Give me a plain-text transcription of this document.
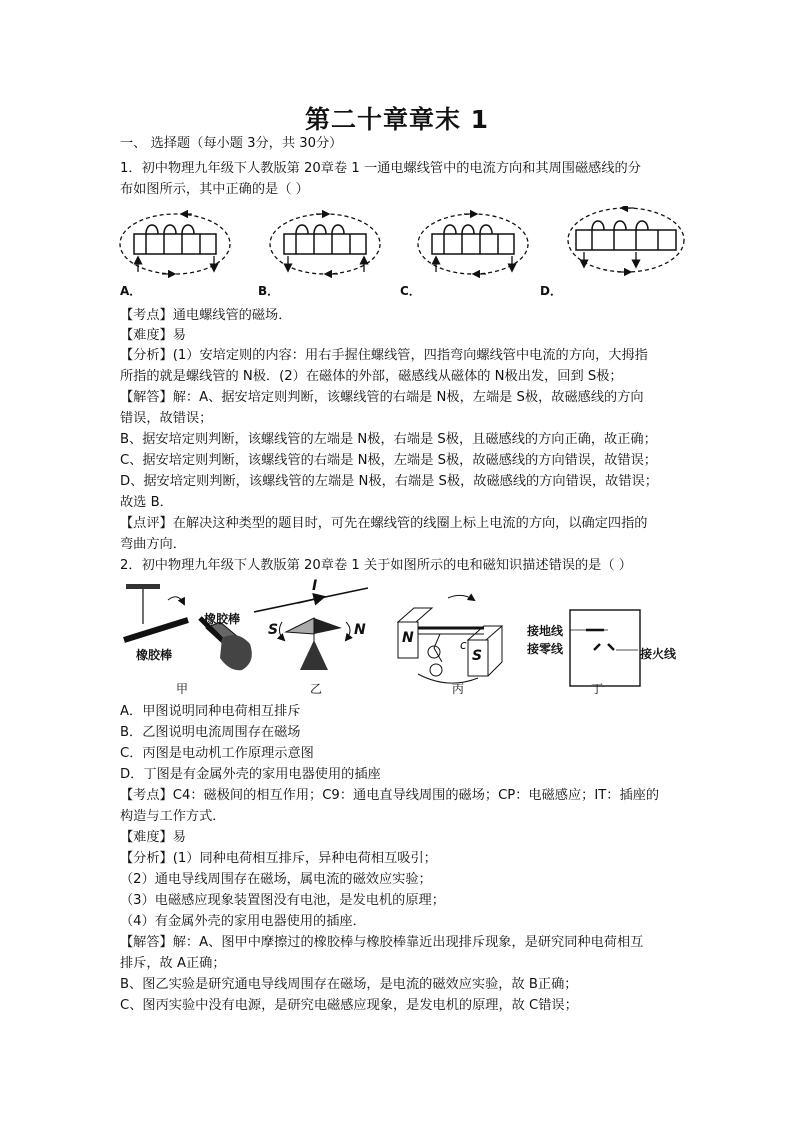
第二十章章末 1
一、 选择题（每小题 3分，共 30分）
1．初中物理九年级下人教版第 20章卷 1 一通电螺线管中的电流方向和其周围磁感线的分
布如图所示，其中正确的是（ ）
A．	B．	C．	D．
【考点】通电螺线管的磁场．
【难度】易
【分析】(1）安培定则的内容：用右手握住螺线管，四指弯向螺线管中电流的方向，大拇指
所指的就是螺线管的 N极．(2）在磁体的外部，磁感线从磁体的 N极出发，回到 S极；
【解答】解：A、据安培定则判断，该螺线管的右端是 N极，左端是 S极，故磁感线的方向
错误，故错误；
B、据安培定则判断，该螺线管的左端是 N极，右端是 S极，且磁感线的方向正确，故正确；
C、据安培定则判断，该螺线管的右端是 N极，左端是 S极，故磁感线的方向错误，故错误；
D、据安培定则判断，该螺线管的左端是 N极，右端是 S极，故磁感线的方向错误，故错误；
故选 B．
【点评】在解决这种类型的题目时，可先在螺线管的线圈上标上电流的方向，以确定四指的
弯曲方向．
2．初中物理九年级下人教版第 20章卷 1 关于如图所示的电和磁知识描述错误的是（ ）
橡胶棒
橡胶棒
I
S	N	N
S
c
接地线
接零线	接火线
甲	乙	丙	丁
A．甲图说明同种电荷相互排斥
B．乙图说明电流周围存在磁场
C．丙图是电动机工作原理示意图
D．丁图是有金属外壳的家用电器使用的插座
【考点】C4：磁极间的相互作用；C9：通电直导线周围的磁场；CP：电磁感应；IT：插座的
构造与工作方式．
【难度】易
【分析】(1）同种电荷相互排斥，异种电荷相互吸引；
（2）通电导线周围存在磁场，属电流的磁效应实验；
（3）电磁感应现象装置图没有电池，是发电机的原理；
（4）有金属外壳的家用电器使用的插座．
【解答】解：A、图甲中摩擦过的橡胶棒与橡胶棒靠近出现排斥现象，是研究同种电荷相互
排斥，故 A正确；
B、图乙实验是研究通电导线周围存在磁场，是电流的磁效应实验，故 B正确；
C、图丙实验中没有电源，是研究电磁感应现象，是发电机的原理，故 C错误；
